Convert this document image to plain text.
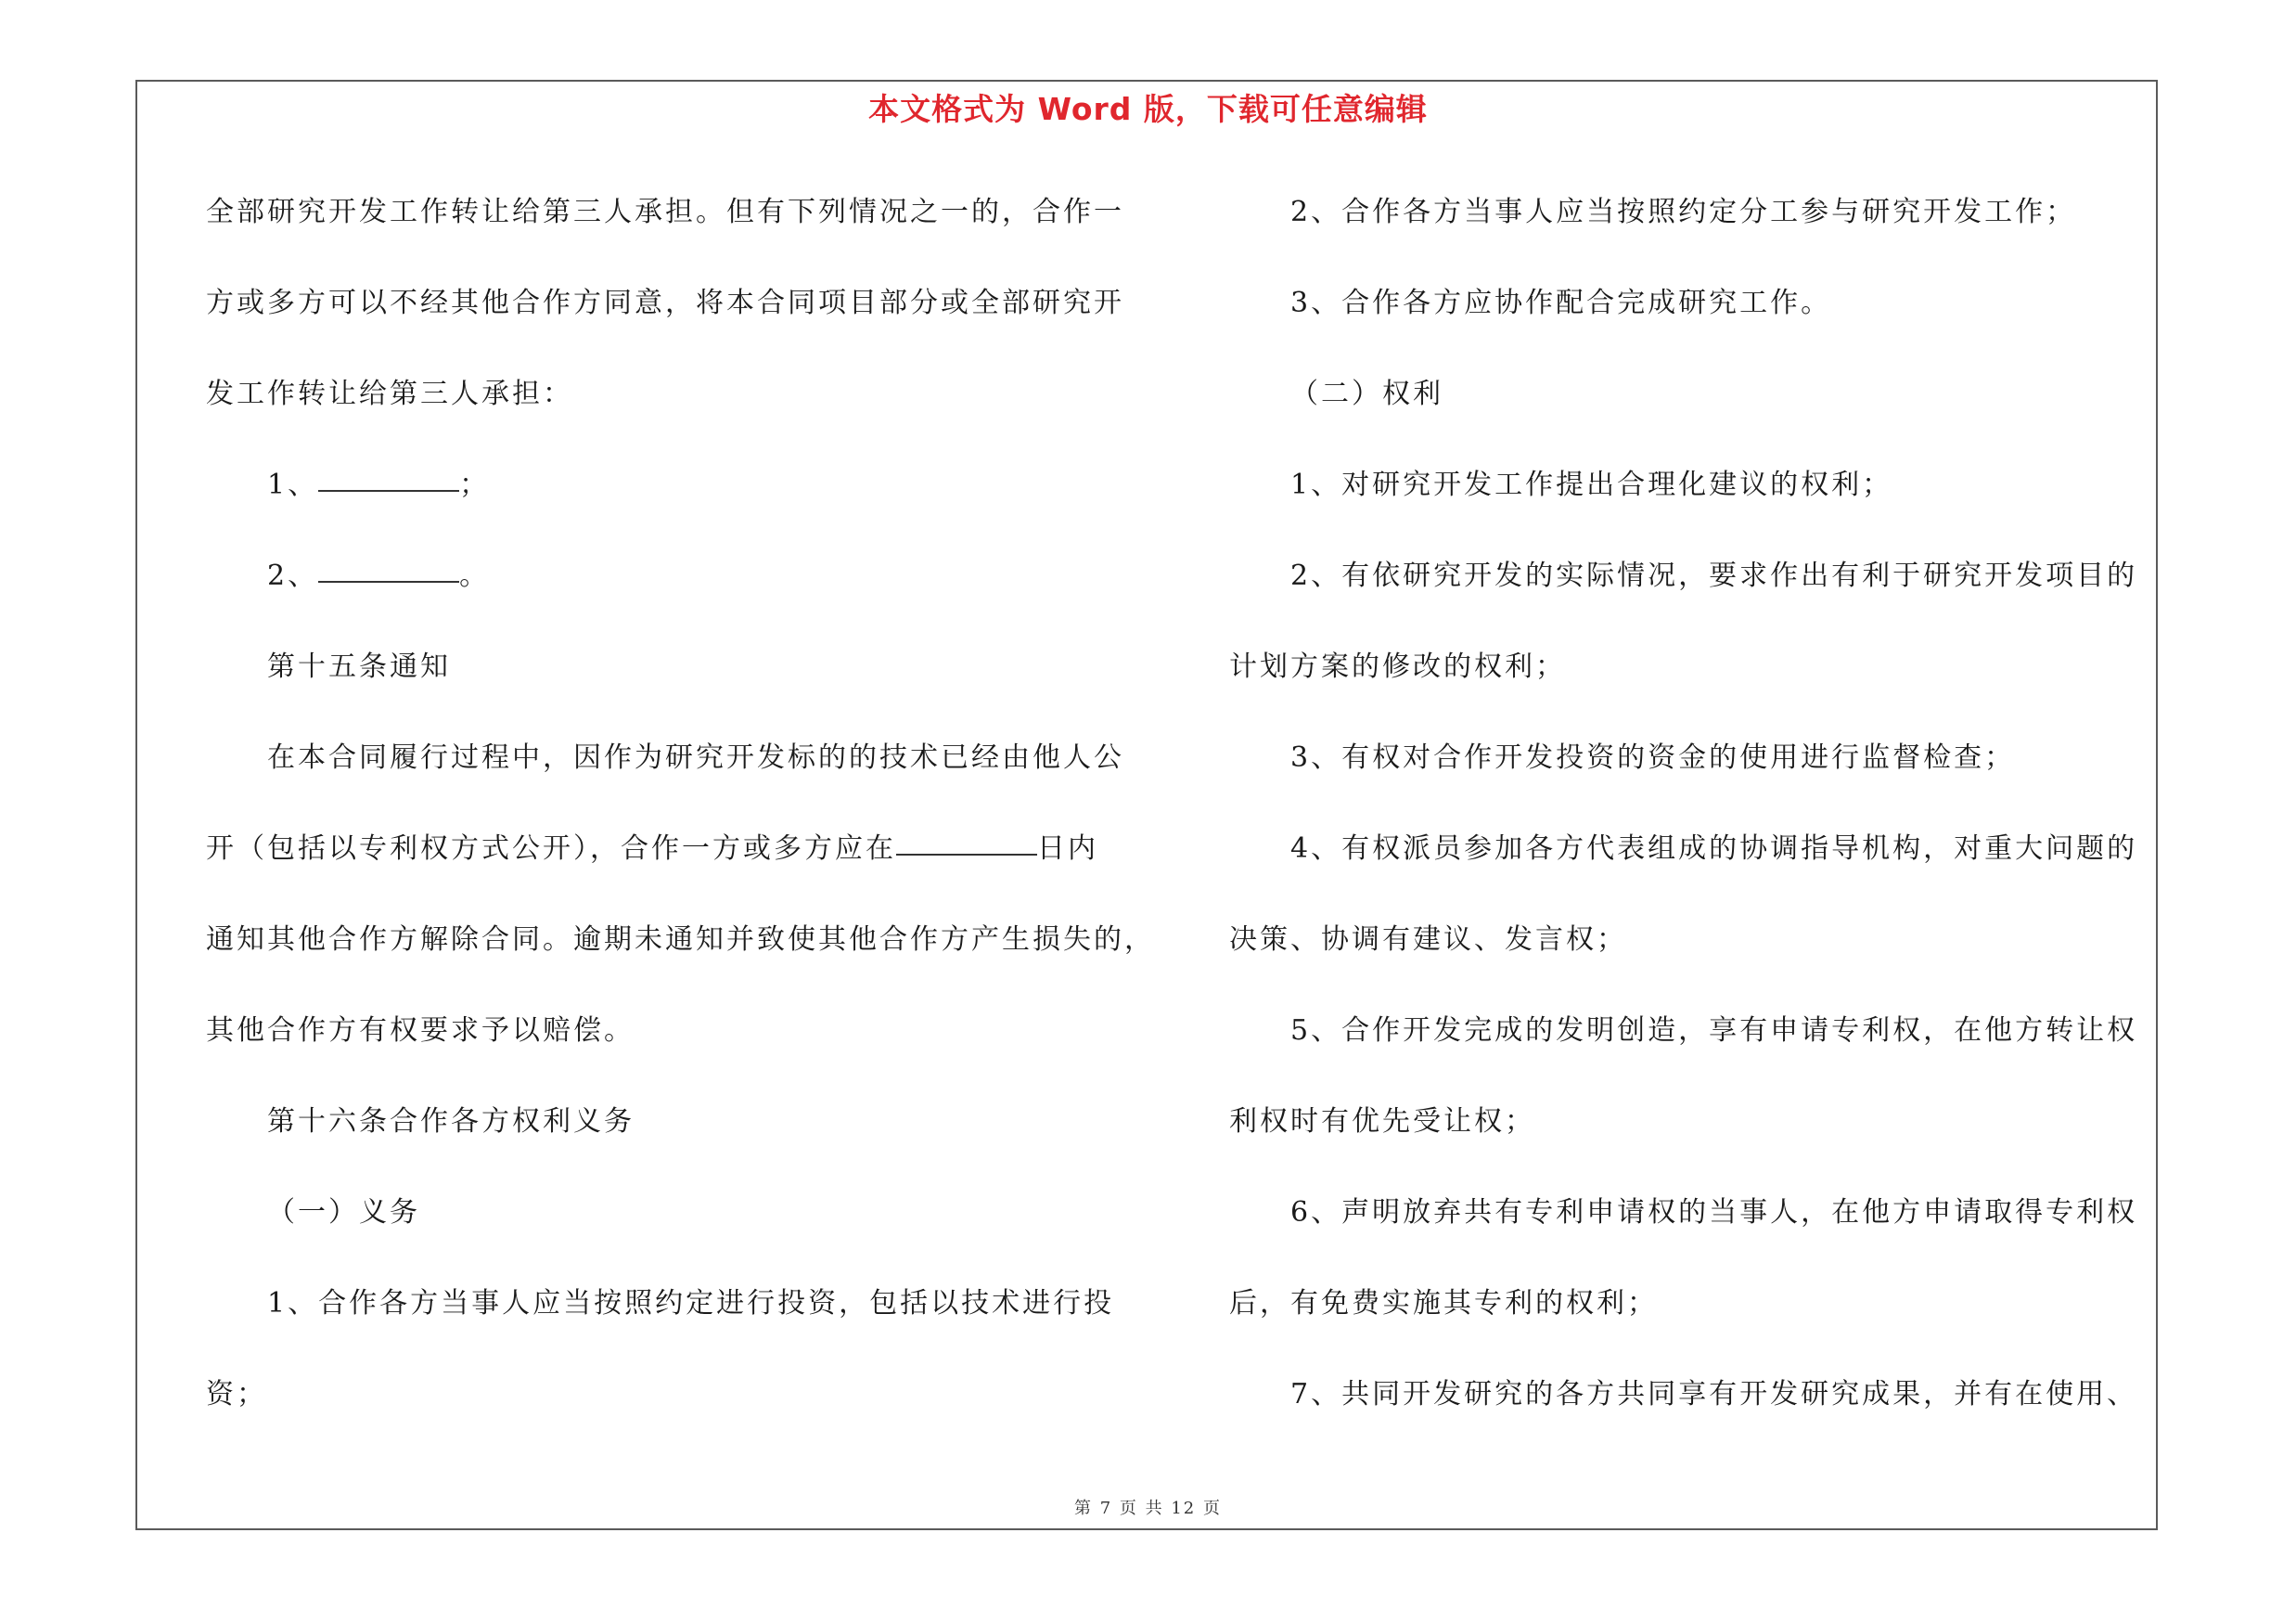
本文格式为 Word 版，下载可任意编辑
全部研究开发工作转让给第三人承担。但有下列情况之一的，合作一
方或多方可以不经其他合作方同意，将本合同项目部分或全部研究开
发工作转让给第三人承担：
1、	；
2、	。
第十五条通知
在本合同履行过程中，因作为研究开发标的的技术已经由他人公
开（包括以专利权方式公开），合作一方或多方应在	日内
通知其他合作方解除合同。逾期未通知并致使其他合作方产生损失的，
其他合作方有权要求予以赔偿。
第十六条合作各方权利义务
（一）义务
1、合作各方当事人应当按照约定进行投资，包括以技术进行投
资；
2、合作各方当事人应当按照约定分工参与研究开发工作；
3、合作各方应协作配合完成研究工作。
（二）权利
1、对研究开发工作提出合理化建议的权利；
2、有依研究开发的实际情况，要求作出有利于研究开发项目的
计划方案的修改的权利；
3、有权对合作开发投资的资金的使用进行监督检查；
4、有权派员参加各方代表组成的协调指导机构，对重大问题的
决策、协调有建议、发言权；
5、合作开发完成的发明创造，享有申请专利权，在他方转让权
利权时有优先受让权；
6、声明放弃共有专利申请权的当事人，在他方申请取得专利权
后，有免费实施其专利的权利；
7、共同开发研究的各方共同享有开发研究成果，并有在使用、
第 7 页 共 12 页
